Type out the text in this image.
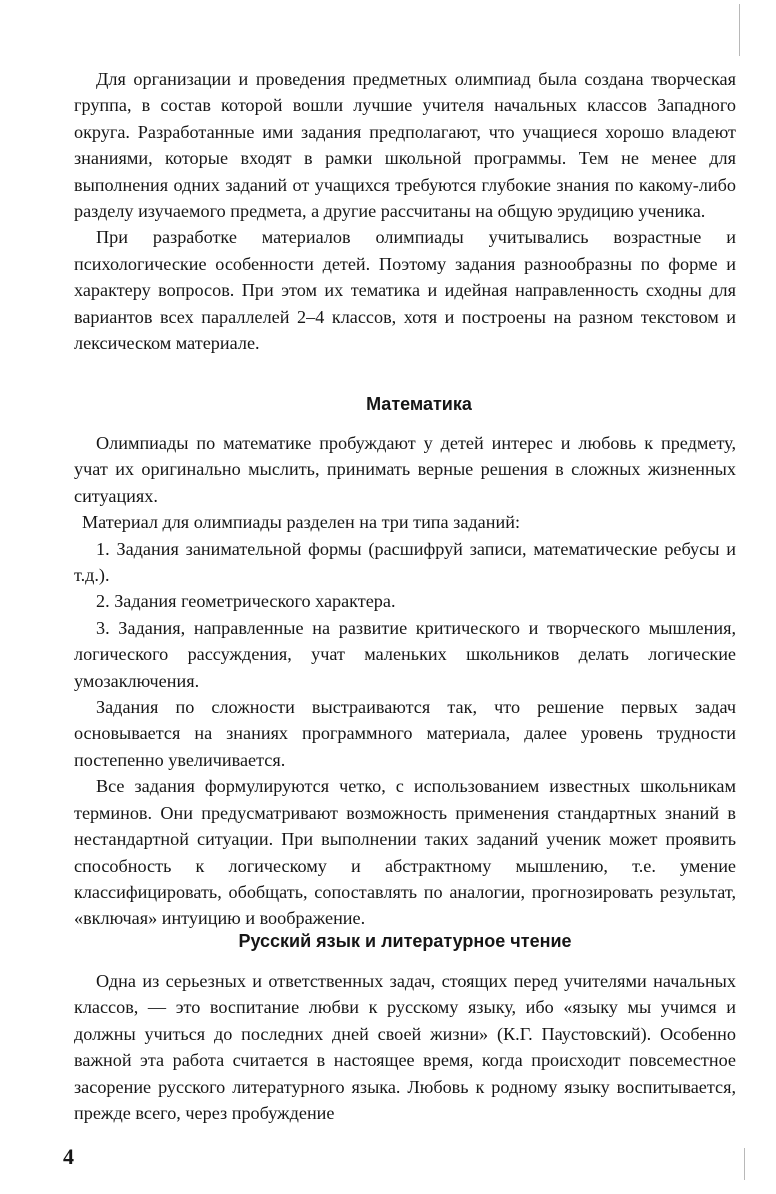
Для организации и проведения предметных олимпиад была создана творческая группа, в состав которой вошли лучшие учителя начальных классов Западного округа. Разработанные ими задания предполагают, что учащиеся хорошо владеют знаниями, которые входят в рамки школьной программы. Тем не менее для выполнения одних заданий от учащихся требуются глубокие знания по какому-либо разделу изучаемого предмета, а другие рассчитаны на общую эрудицию ученика.

При разработке материалов олимпиады учитывались возрастные и психологические особенности детей. Поэтому задания разнообразны по форме и характеру вопросов. При этом их тематика и идейная направленность сходны для вариантов всех параллелей 2–4 классов, хотя и построены на разном текстовом и лексическом материале.

Математика

Олимпиады по математике пробуждают у детей интерес и любовь к предмету, учат их оригинально мыслить, принимать верные решения в сложных жизненных ситуациях.

Материал для олимпиады разделен на три типа заданий:

1. Задания занимательной формы (расшифруй записи, математические ребусы и т.д.).

2. Задания геометрического характера.

3. Задания, направленные на развитие критического и творческого мышления, логического рассуждения, учат маленьких школьников делать логические умозаключения.

Задания по сложности выстраиваются так, что решение первых задач основывается на знаниях программного материала, далее уровень трудности постепенно увеличивается.

Все задания формулируются четко, с использованием известных школьникам терминов. Они предусматривают возможность применения стандартных знаний в нестандартной ситуации. При выполнении таких заданий ученик может проявить способность к логическому и абстрактному мышлению, т.е. умение классифицировать, обобщать, сопоставлять по аналогии, прогнозировать результат, «включая» интуицию и воображение.

Русский язык и литературное чтение

Одна из серьезных и ответственных задач, стоящих перед учителями начальных классов, — это воспитание любви к русскому языку, ибо «языку мы учимся и должны учиться до последних дней своей жизни» (К.Г. Паустовский). Особенно важной эта работа считается в настоящее время, когда происходит повсеместное засорение русского литературного языка. Любовь к родному языку воспитывается, прежде всего, через пробуждение

4
